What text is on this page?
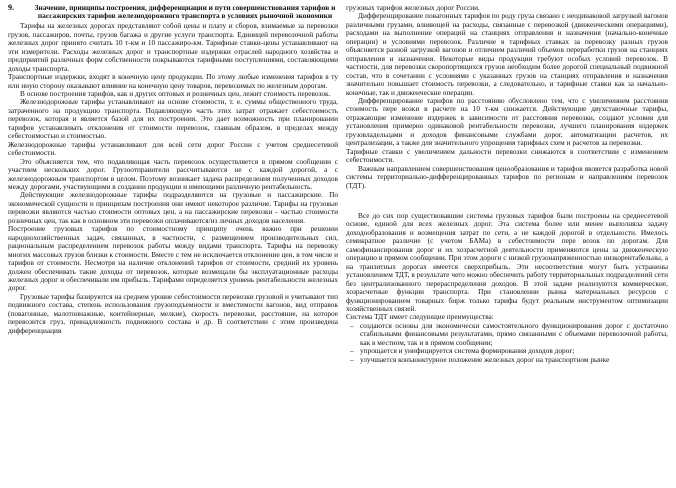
9.	Значение, принципы построения, дифференциации и пути совершенствования тарифов и пассажирских тарифов железнодорожного транспорта в условиях рыночной экономики

Тарифы на железных дорогах представляют собой цены и плату и сборов, взимаемые за перевозки грузов, пассажиров, почты, грузов багажа и другие услуги транспорта. Единицей перевозочной работы железных дорог принято считать 10 т-км и 10 пассажиро-км. Тарифные ставки-цены устанавливают на эти измерители. Расходы железных дорог и транспортные издержки отраслей народного хозяйства и предприятий различных форм собственности покрываются тарифными поступлениями, составляющими доходы транспорта.

Транспортные издержки, входят в конечную цену продукции. По этому любые изменения тарифов в ту или иную сторону оказывают влияние на конечную цену товаров, перевозимых по железным дорогам.

В основе построения тарифов, как и других оптовых и розничных цен, лежит стоимость перевозок.

Железнодорожные тарифы устанавливают на основе стоимости, т. е. суммы общественного труда, затраченного на продукцию транспорта. Подавляющую часть этих затрат отражает себестоимость перевозок, которая и является базой для их построения. Это дает возможность при планировании тарифов устанавливать отклонения от стоимости перевозок, главным образом, в пределах между себестоимостью и стоимостью.

Железнодорожные тарифы устанавливают для всей сети дорог России с учетом среднесетевой себестоимости.

Это объясняется тем, что подавляющая часть перевозок осуществляется в прямом сообщении с участием нескольких дорог. Грузоотправители рассчитываются не с каждой дорогой, а с железнодорожным транспортом в целом. Поэтому возникает задача распределения полученных доходов между дорогами, участвующими в создании продукции и имеющими различную рентабельность.

Действующие железнодорожные тарифы подразделяются на грузовые и пассажирские. По экономической сущности и принципам построения они имеют некоторое различие. Тарифы на грузовые перевозки являются частью стоимости оптовых цен, а на пассажирские перевозки - частью стоимости розничных цен, так как в основном эти перевозки оплачиваются/из личных доходов населения.

Построение грузовых тарифов по стоимостному принципу очень важно при решении народнохозяйственных задач, связанных, в частности, с размещением производительных сил, рациональным распределением перевозок работы между видами транспорта. Тарифы на перевозку многих массовых грузов близки к стоимости. Вместе с тем не исключается отклонение цен, в том числе и тарифов от стоимости. Несмотря на наличие отклонений тарифов от стоимости, средний их уровень должен обеспечивать такие доходы от перевозок, которые возмещали бы эксплуатационные расходы железных дорог и обеспечивали им прибыль. Тарифами определяется уровень рентабельности железных дорог.

Грузовые тарифы базируются на среднем уровне себестоимости перевозки грузовой и учитывают тип подвижного состава, степень использования грузоподъемности и вместимости вагонов, вид отправок (повагонные, малотоннажные, контейнерные, мелкие), скорость перевозки, расстояние, на которое перевозится груз, принадлежность подвижного состава и др. В соответствии с этим произведена дифференциация

грузовых тарифов железных дорог России.

Дифференцирование повагонных тарифов по роду груза связано с неодинаковой загрузкой вагонов различными грузами, влияющей на расходы, связанные с перевозкой (движенческими операциями), расходами на выполнение операций на станциях отправления и назначения (начально-конечные операции) и условиями перевозок. Различие в тарифных ставках за перевозку разных грузов объясняется разной загрузкой вагонов и отличием различий объемов переработки грузов на станциях отправления и назначения. Некоторые виды продукции требуют особых условий перевозок. В частности, для перевозки скоропортящихся грузов необходим более дорогой специальный подвижной состав, что в сочетании с условиями с указанных грузов на станциях отправления и назначения значительно повышает стоимость перевозки, а следовательно, и тарифные ставки как за начально-конечные, так и движенческие операции.

Дифференцирование тарифов по расстоянию обусловлено тем, что с увеличением расстояния стоимость пере возки в расчете на 10 т-км снижается. Действующие двухставочные тарифы, отражающие изменение издержек в зависимости от расстояния перевозки, создают условия для установления примерно одинаковой рентабельности перевозки, лучшего планирования издержек грузовладельцами и доходов финансовыми службами дорог, автоматизации расчетов, их централизации, а также для значительного упрощения тарифных схем и расчетов за перевозки.

Тарифные ставки с увеличением дальности перевозки снижаются в соответствии с изменением себестоимости.

Важным направлением совершенствования ценообразования и тарифов является разработка новой системы территориально-дифференцированных тарифов по регионам и направлениям перевозок (ТДТ).

Все до сих пор существовавшие системы грузовых тарифов были построены на среднесетевой основе, единой для всех железных дорог. Эта система более или менее выполняла задачу доходообразования и возмещения затрат по сети, а не каждой дорогой в отдельности. Имелось семикратное различие (с учетом БАМа) в себестоимости пере возок по дорогам. Для самофинансирования дорог и их хозрасчетной деятельности применяются цены за движенческую операцию в прямом сообщении. При этом дороги с низкой грузонапряженностью низкорентабельны, а на транзитных дорогах имеется сверхприбыль. Эти несоответствия могут быть устранены установлением ТДТ, в результате чего можно обеспечить работу территориальных подразделений сети без централизованного перераспределения доходов. В этой задаче реализуются коммерческие, хозрасчетные функции транспорта. При становлении рынка материальных ресурсов с функционированием товарных бирж только тарифы будут реальным инструментом оптимизации хозяйственных связей.

Система ТДТ имеет следующие преимущества:

– создаются основы для экономически самостоятельного функционирования дорог с достаточно стабильными финансовыми результатами, прямо связанными с объемами перевозочной работы, как в местном, так и в прямом сообщении;

– упрощается и унифицируется система формирования доходов дорог;

– улучшается конъюнктурное положение железных дорог на транспортном рынке
